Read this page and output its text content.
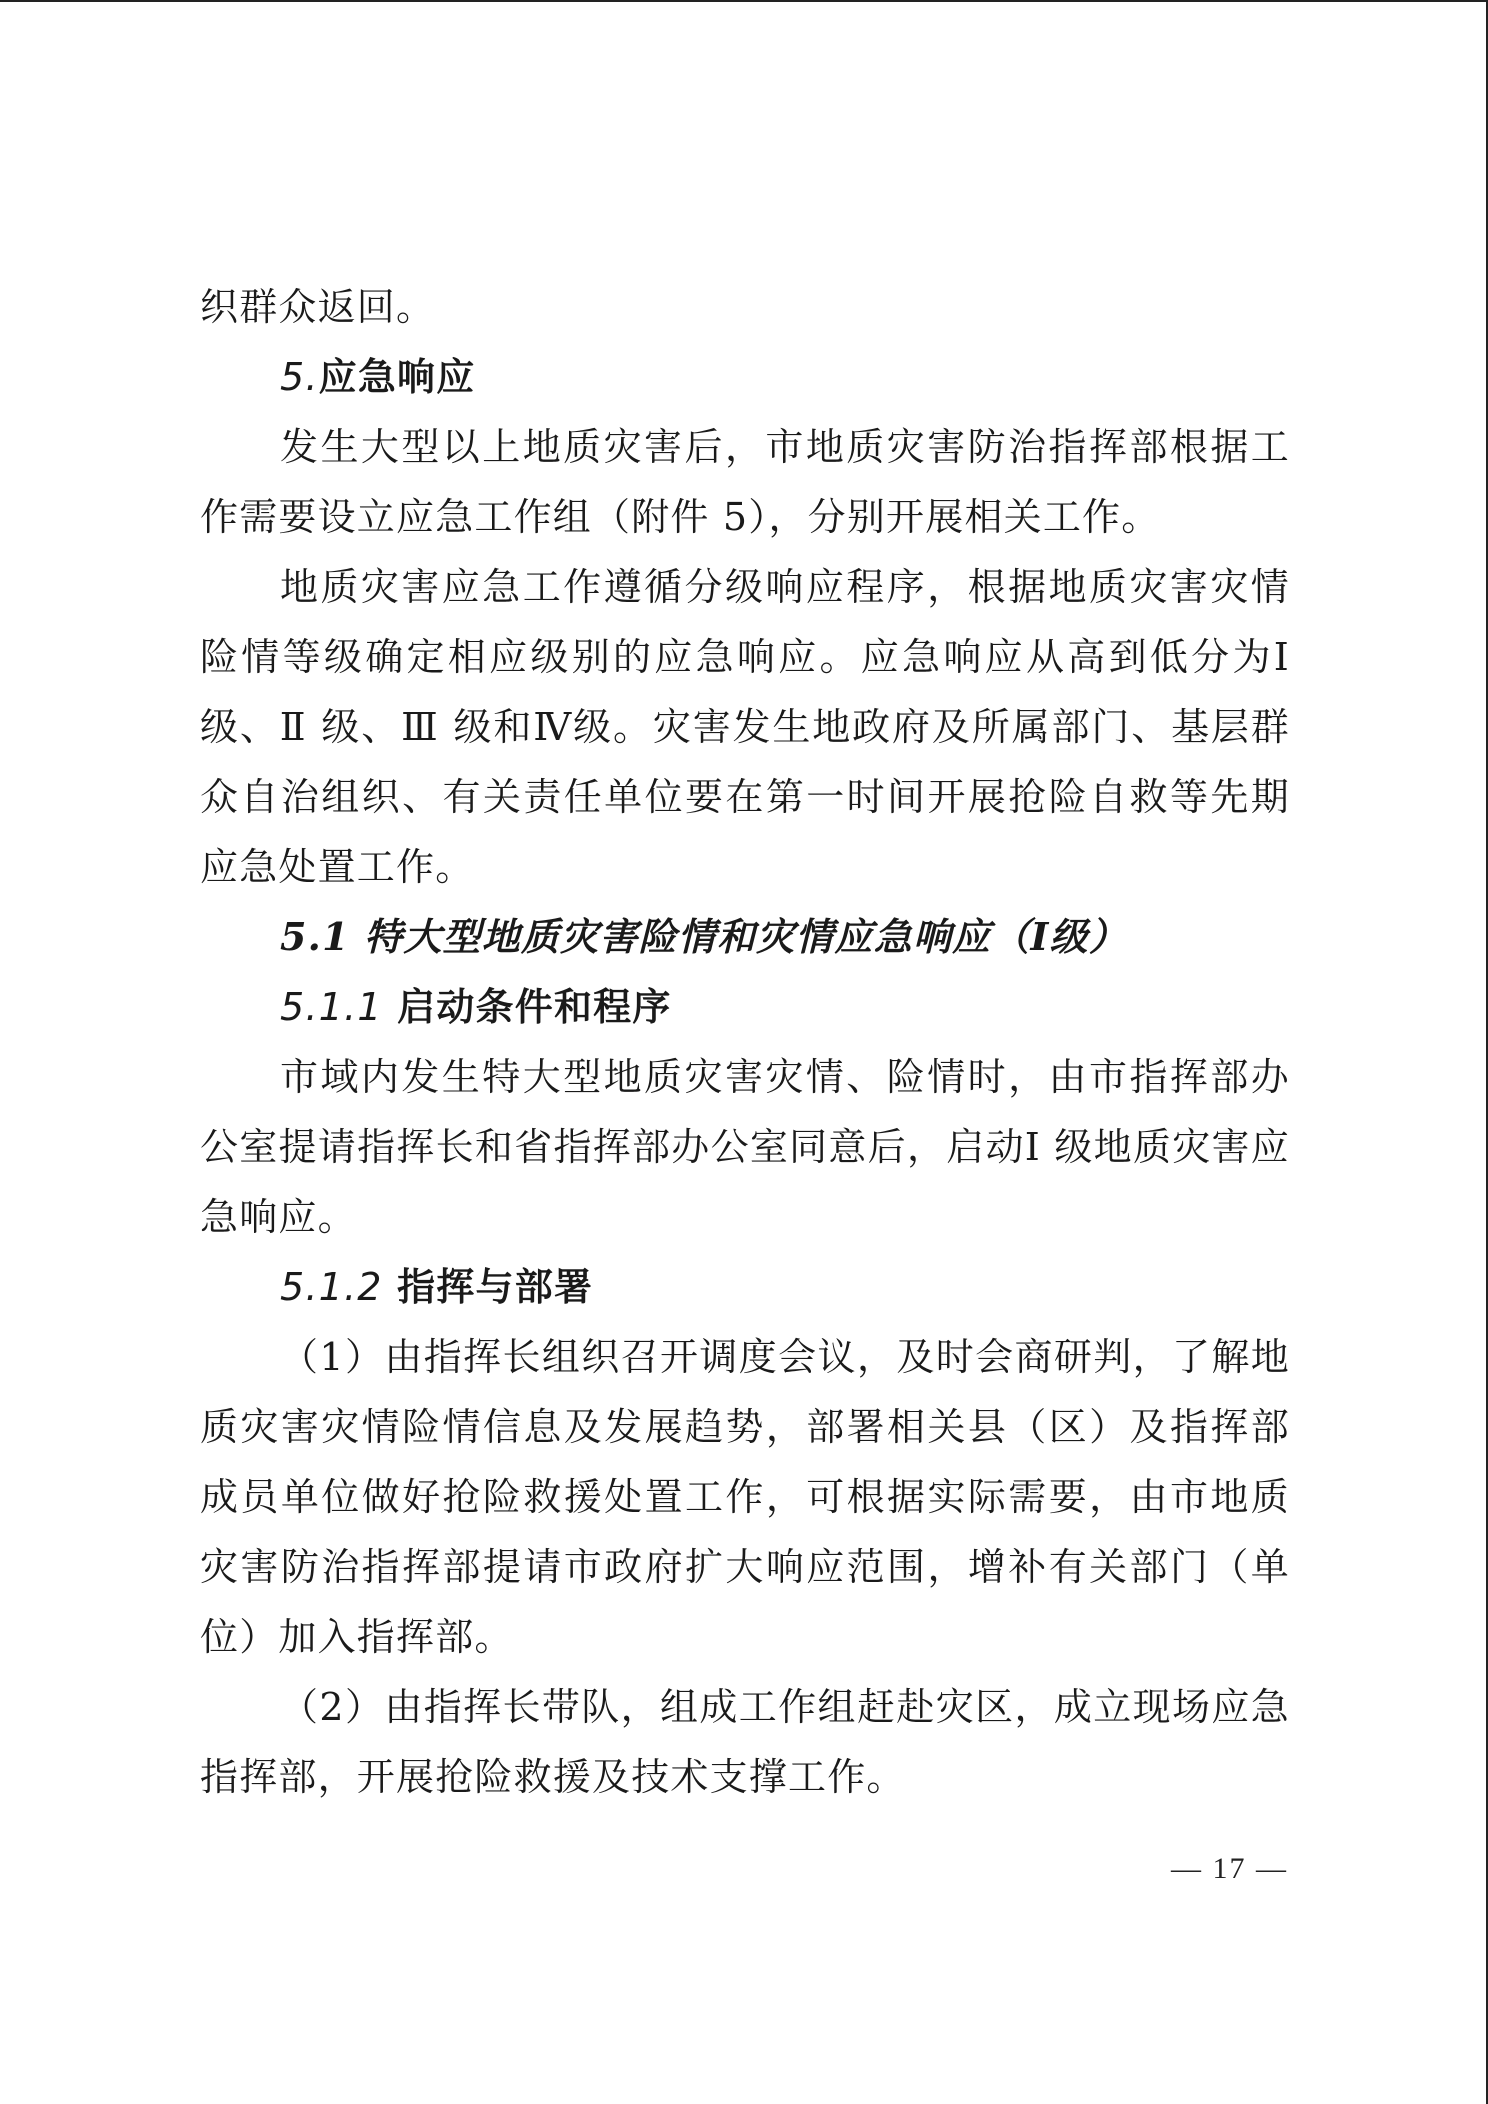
织群众返回。

5.应急响应

发生大型以上地质灾害后，市地质灾害防治指挥部根据工作需要设立应急工作组（附件 5），分别开展相关工作。

地质灾害应急工作遵循分级响应程序，根据地质灾害灾情险情等级确定相应级别的应急响应。应急响应从高到低分为Ⅰ级、Ⅱ 级、Ⅲ 级和Ⅳ级。灾害发生地政府及所属部门、基层群众自治组织、有关责任单位要在第一时间开展抢险自救等先期应急处置工作。

5.1 特大型地质灾害险情和灾情应急响应（Ⅰ级）

5.1.1 启动条件和程序

市域内发生特大型地质灾害灾情、险情时，由市指挥部办公室提请指挥长和省指挥部办公室同意后，启动Ⅰ 级地质灾害应急响应。

5.1.2 指挥与部署

（1）由指挥长组织召开调度会议，及时会商研判，了解地质灾害灾情险情信息及发展趋势，部署相关县（区）及指挥部成员单位做好抢险救援处置工作，可根据实际需要，由市地质灾害防治指挥部提请市政府扩大响应范围，增补有关部门（单位）加入指挥部。

（2）由指挥长带队，组成工作组赶赴灾区，成立现场应急指挥部，开展抢险救援及技术支撑工作。

— 17 —
